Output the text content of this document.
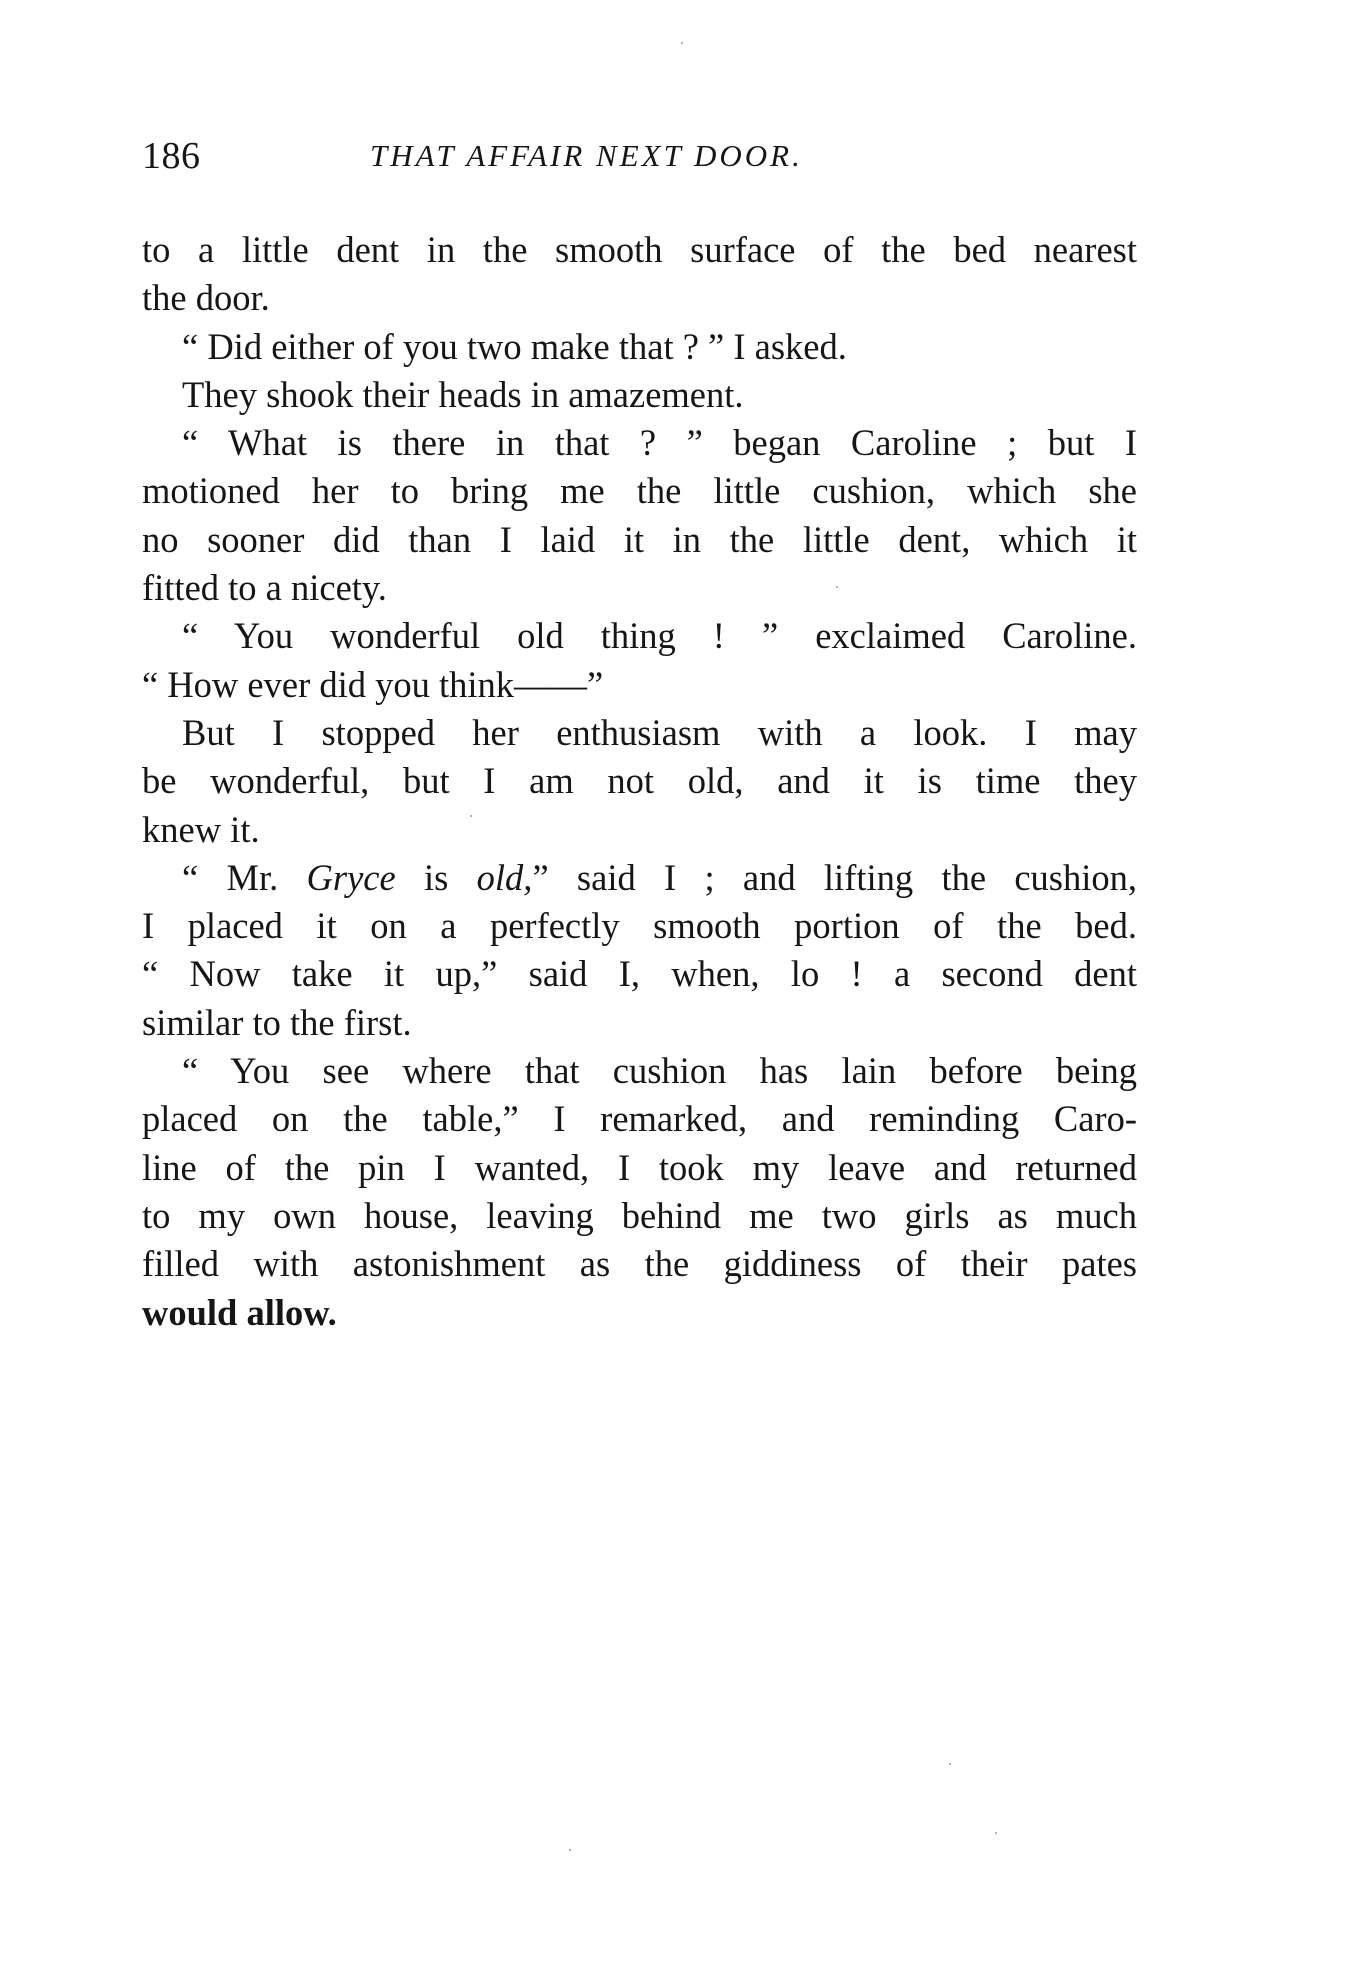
186	THAT AFFAIR NEXT DOOR.
to a little dent in the smooth surface of the bed nearest
the door.
“ Did either of you two make that ? ” I asked.
They shook their heads in amazement.
“ What is there in that ? ” began Caroline ; but I
motioned her to bring me the little cushion, which she
no sooner did than I laid it in the little dent, which it
fitted to a nicety.
“ You wonderful old thing ! ” exclaimed Caroline.
“ How ever did you think——”
But I stopped her enthusiasm with a look. I may
be wonderful, but I am not old, and it is time they
knew it.
“ Mr. Gryce is old,” said I ; and lifting the cushion,
I placed it on a perfectly smooth portion of the bed.
“ Now take it up,” said I, when, lo ! a second dent
similar to the first.
“ You see where that cushion has lain before being
placed on the table,” I remarked, and reminding Caro-
line of the pin I wanted, I took my leave and returned
to my own house, leaving behind me two girls as much
filled with astonishment as the giddiness of their pates
would allow.
